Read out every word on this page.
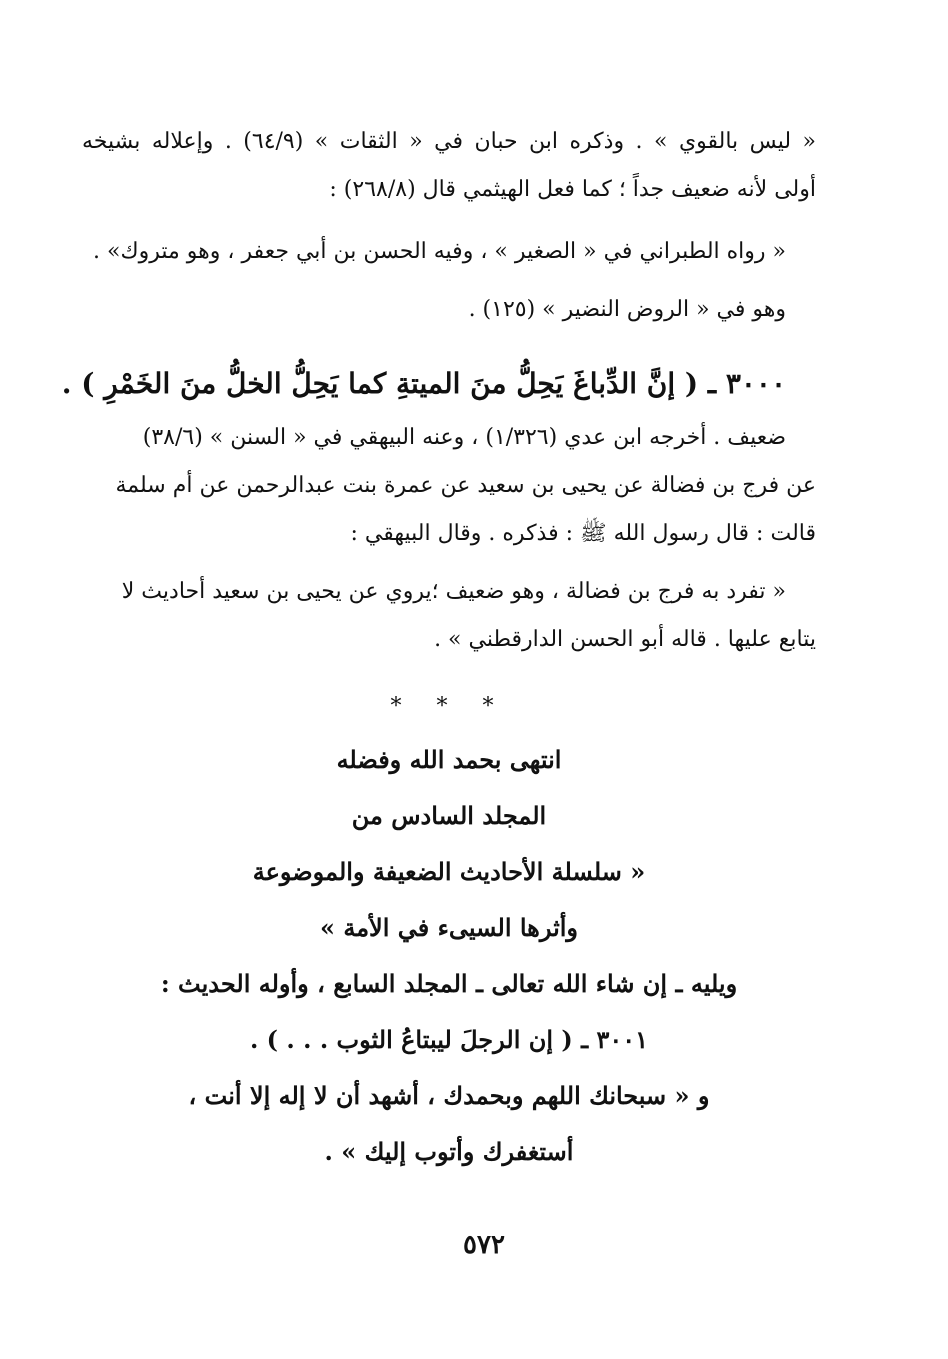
« ليس بالقوي » . وذكره ابن حبان في « الثقات » (٦٤/٩) . وإعلاله بشيخه

أولى لأنه ضعيف جداً ؛ كما فعل الهيثمي قال (٢٦٨/٨) :

« رواه الطبراني في « الصغير » ، وفيه الحسن بن أبي جعفر ، وهو متروك» .

وهو في « الروض النضير » (١٢٥) .

٣٠٠٠ ـ ( إنَّ الدِّباغَ يَحِلُّ منَ الميتةِ كما يَحِلُّ الخلُّ منَ الخَمْرِ ) .

ضعيف . أخرجه ابن عدي (١/٣٢٦) ، وعنه البيهقي في « السنن » (٣٨/٦)

عن فرج بن فضالة عن يحيى بن سعيد عن عمرة بنت عبدالرحمن عن أم سلمة

قالت : قال رسول الله ﷺ : فذكره . وقال البيهقي :

« تفرد به فرج بن فضالة ، وهو ضعيف ؛يروي عن يحيى بن سعيد أحاديث لا

يتابع عليها . قاله أبو الحسن الدارقطني » .

* * *

انتهى بحمد الله وفضله

المجلد السادس من

« سلسلة الأحاديث الضعيفة والموضوعة

وأثرها السيىء في الأمة »

ويليه ـ إن شاء الله تعالى ـ المجلد السابع ، وأوله الحديث :

٣٠٠١ ـ ( إن الرجلَ ليبتاعُ الثوب . . . ) .

و « سبحانك اللهم وبحمدك ، أشهد أن لا إله إلا أنت ،

أستغفرك وأتوب إليك » .

٥٧٢
